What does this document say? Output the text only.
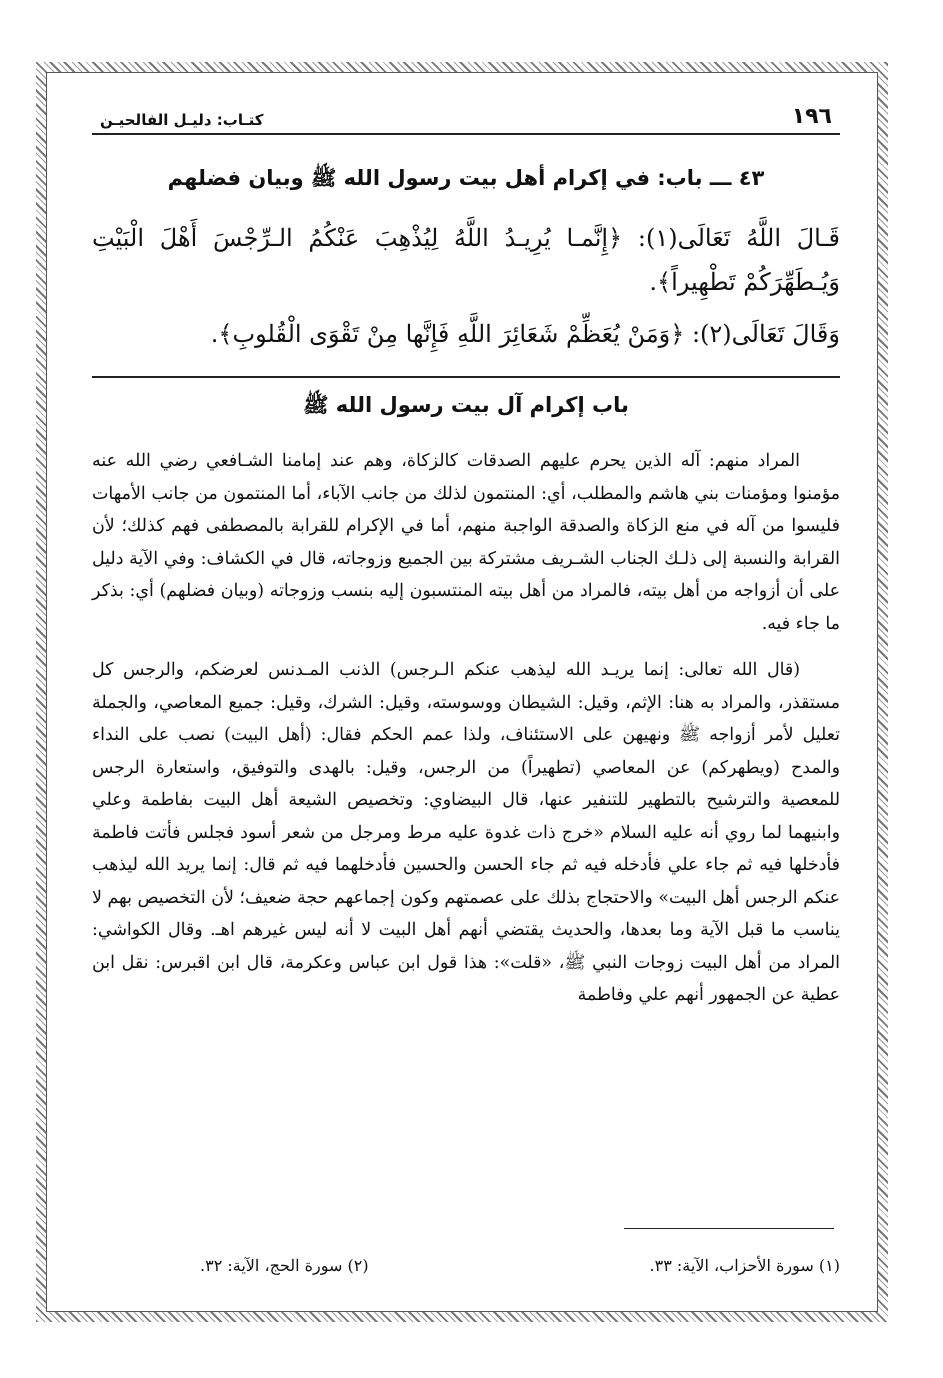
١٩٦
كتـاب: دليـل الفالحيـن
٤٣ ـــ باب: في إكرام أهل بيت رسول الله ﷺ وبيان فضلهم

قَـالَ اللَّهُ تَعَالَى(١): ﴿إِنَّمـا يُرِيـدُ اللَّهُ لِيُذْهِبَ عَنْكُمُ الـرِّجْسَ أَهْلَ الْبَيْتِ وَيُـطَهِّرَكُمْ تَطْهِيراً﴾.

وَقَالَ تَعَالَى(٢): ﴿وَمَنْ يُعَظِّمْ شَعَائِرَ اللَّهِ فَإِنَّها مِنْ تَقْوَى الْقُلوبِ﴾.

باب إكرام آل بيت رسول الله ﷺ

المراد منهم: آله الذين يحرم عليهم الصدقات كالزكاة، وهم عند إمامنا الشـافعي رضي الله عنه مؤمنوا ومؤمنات بني هاشم والمطلب، أي: المنتمون لذلك من جانب الآباء، أما المنتمون من جانب الأمهات فليسوا من آله في منع الزكاة والصدقة الواجبة منهم، أما في الإكرام للقرابة بالمصطفى فهم كذلك؛ لأن القرابة والنسبة إلى ذلـك الجناب الشـريف مشتركة بين الجميع وزوجاته، قال في الكشاف: وفي الآية دليل على أن أزواجه من أهل بيته، فالمراد من أهل بيته المنتسبون إليه بنسب وزوجاته (وبيان فضلهم) أي: بذكر ما جاء فيه.

(قال الله تعالى: إنما يريـد الله ليذهب عنكم الـرجس) الذنب المـدنس لعرضكم، والرجس كل مستقذر، والمراد به هنا: الإثم، وقيل: الشيطان ووسوسته، وقيل: الشرك، وقيل: جميع المعاصي، والجملة تعليل لأمر أزواجه ﷺ ونهيهن على الاستئناف، ولذا عمم الحكم فقال: (أهل البيت) نصب على النداء والمدح (ويطهركم) عن المعاصي (تطهيراً) من الرجس، وقيل: بالهدى والتوفيق، واستعارة الرجس للمعصية والترشيح بالتطهير للتنفير عنها، قال البيضاوي: وتخصيص الشيعة أهل البيت بفاطمة وعلي وابنيهما لما روي أنه عليه السلام «خرج ذات غدوة عليه مرط ومرجل من شعر أسود فجلس فأتت فاطمة فأدخلها فيه ثم جاء علي فأدخله فيه ثم جاء الحسن والحسين فأدخلهما فيه ثم قال: إنما يريد الله ليذهب عنكم الرجس أهل البيت» والاحتجاج بذلك على عصمتهم وكون إجماعهم حجة ضعيف؛ لأن التخصيص بهم لا يناسب ما قبل الآية وما بعدها، والحديث يقتضي أنهم أهل البيت لا أنه ليس غيرهم اهـ. وقال الكواشي: المراد من أهل البيت زوجات النبي ﷺ، «قلت»: هذا قول ابن عباس وعكرمة، قال ابن اقبرس: نقل ابن عطية عن الجمهور أنهم علي وفاطمة

(١) سورة الأحزاب، الآية: ٣٣.
(٢) سورة الحج، الآية: ٣٢.
